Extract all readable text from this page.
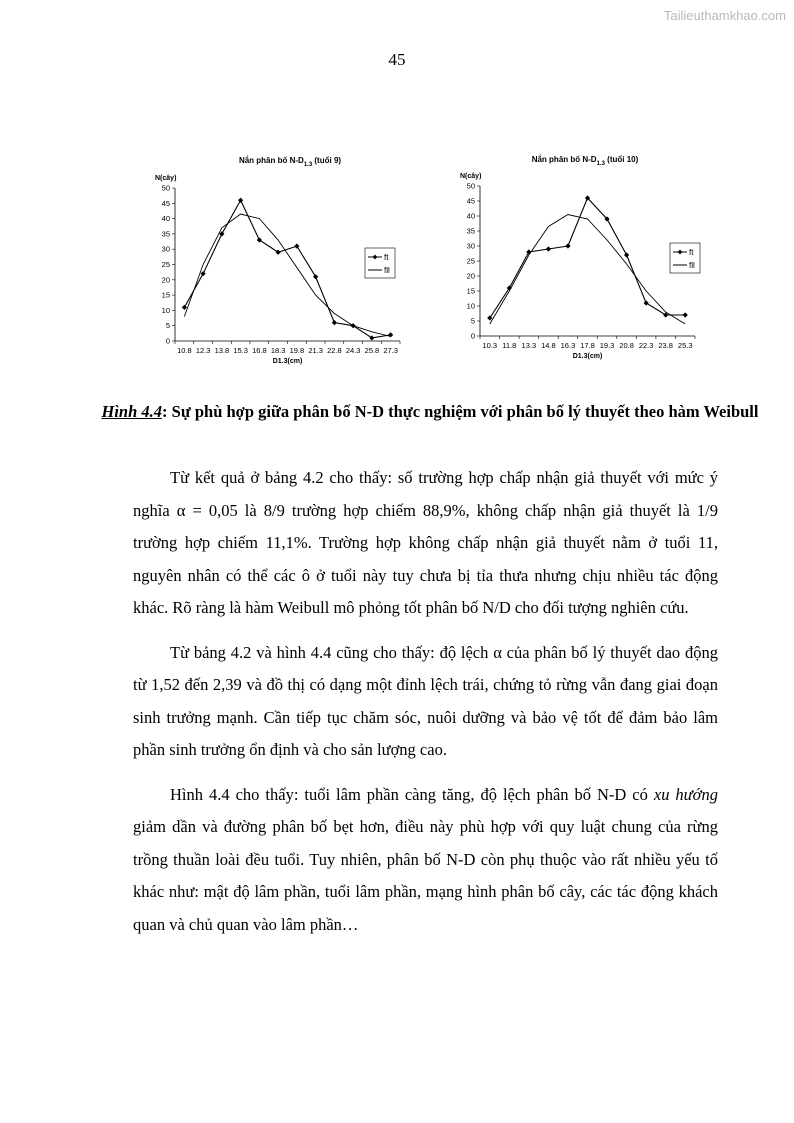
Tailieuthamkhao.com
45
Nắn phân bố $N-D_{1.3}$ (tuổi 9)
N(cây)
0
5
10
15
20
25
30
35
40
45
50
10.8 12.3 13.8 15.3 16.8 18.3 19.8 21.3 22.8 24.3 25.8 27.3
D1.3(cm)
ft
fll
Nắn phân bố $N-D_{1.3}$ (tuổi 10)
N(cây)
0
5
10
15
20
25
30
35
40
45
50
10.3 11.8 13.3 14.8 16.3 17.8 19.3 20.8 22.3 23.8 25.3
D1.3(cm)
ft
fll
Hình 4.4: Sự phù hợp giữa phân bố N-D thực nghiệm với phân bố lý thuyết theo hàm Weibull

Từ kết quả ở bảng 4.2 cho thấy: số trường hợp chấp nhận giả thuyết với mức ý nghĩa α = 0,05 là 8/9 trường hợp chiếm 88,9%, không chấp nhận giả thuyết là 1/9 trường hợp chiếm 11,1%. Trường hợp không chấp nhận giả thuyết nằm ở tuổi 11, nguyên nhân có thể các ô ở tuổi này tuy chưa bị tỉa thưa nhưng chịu nhiều tác động khác. Rõ ràng là hàm Weibull mô phỏng tốt phân bố N/D cho đối tượng nghiên cứu.

Từ bảng 4.2 và hình 4.4 cũng cho thấy: độ lệch α của phân bố lý thuyết dao động từ 1,52 đến 2,39 và đồ thị có dạng một đỉnh lệch trái, chứng tỏ rừng vẫn đang giai đoạn sinh trưởng mạnh. Cần tiếp tục chăm sóc, nuôi dưỡng và bảo vệ tốt để đảm bảo lâm phần sinh trưởng ổn định và cho sản lượng cao.

Hình 4.4 cho thấy: tuổi lâm phần càng tăng, độ lệch phân bố N-D có xu hướng giảm dần và đường phân bố bẹt hơn, điều này phù hợp với quy luật chung của rừng trồng thuần loài đều tuổi. Tuy nhiên, phân bố N-D còn phụ thuộc vào rất nhiều yếu tố khác như: mật độ lâm phần, tuổi lâm phần, mạng hình phân bố cây, các tác động khách quan và chủ quan vào lâm phần…
